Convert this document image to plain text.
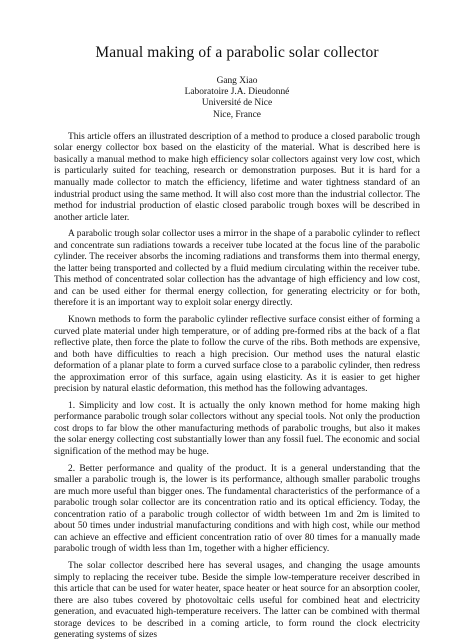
Manual making of a parabolic solar collector
Gang Xiao
Laboratoire J.A. Dieudonné
Université de Nice
Nice, France

This article offers an illustrated description of a method to produce a closed parabolic trough solar energy collector box based on the elasticity of the material. What is described here is basically a manual method to make high efficiency solar collectors against very low cost, which is particularly suited for teaching, research or demonstration purposes. But it is hard for a manually made collector to match the efficiency, lifetime and water tightness standard of an industrial product using the same method. It will also cost more than the industrial collector. The method for industrial production of elastic closed parabolic trough boxes will be described in another article later.

A parabolic trough solar collector uses a mirror in the shape of a parabolic cylinder to reflect and concentrate sun radiations towards a receiver tube located at the focus line of the parabolic cylinder. The receiver absorbs the incoming radiations and transforms them into thermal energy, the latter being transported and collected by a fluid medium circulating within the receiver tube. This method of concentrated solar collection has the advantage of high efficiency and low cost, and can be used either for thermal energy collection, for generating electricity or for both, therefore it is an important way to exploit solar energy directly.

Known methods to form the parabolic cylinder reflective surface consist either of forming a curved plate material under high temperature, or of adding pre-formed ribs at the back of a flat reflective plate, then force the plate to follow the curve of the ribs. Both methods are expensive, and both have difficulties to reach a high precision. Our method uses the natural elastic deformation of a planar plate to form a curved surface close to a parabolic cylinder, then redress the approximation error of this surface, again using elasticity. As it is easier to get higher precision by natural elastic deformation, this method has the following advantages.

1. Simplicity and low cost. It is actually the only known method for home making high performance parabolic trough solar collectors without any special tools. Not only the production cost drops to far blow the other manufacturing methods of parabolic troughs, but also it makes the solar energy collecting cost substantially lower than any fossil fuel. The economic and social signification of the method may be huge.

2. Better performance and quality of the product. It is a general understanding that the smaller a parabolic trough is, the lower is its performance, although smaller parabolic troughs are much more useful than bigger ones. The fundamental characteristics of the performance of a parabolic trough solar collector are its concentration ratio and its optical efficiency. Today, the concentration ratio of a parabolic trough collector of width between 1m and 2m is limited to about 50 times under industrial manufacturing conditions and with high cost, while our method can achieve an effective and efficient concentration ratio of over 80 times for a manually made parabolic trough of width less than 1m, together with a higher efficiency.

The solar collector described here has several usages, and changing the usage amounts simply to replacing the receiver tube. Beside the simple low-temperature receiver described in this article that can be used for water heater, space heater or heat source for an absorption cooler, there are also tubes covered by photovoltaic cells useful for combined heat and electricity generation, and evacuated high-temperature receivers. The latter can be combined with thermal storage devices to be described in a coming article, to form round the clock electricity generating systems of sizes
